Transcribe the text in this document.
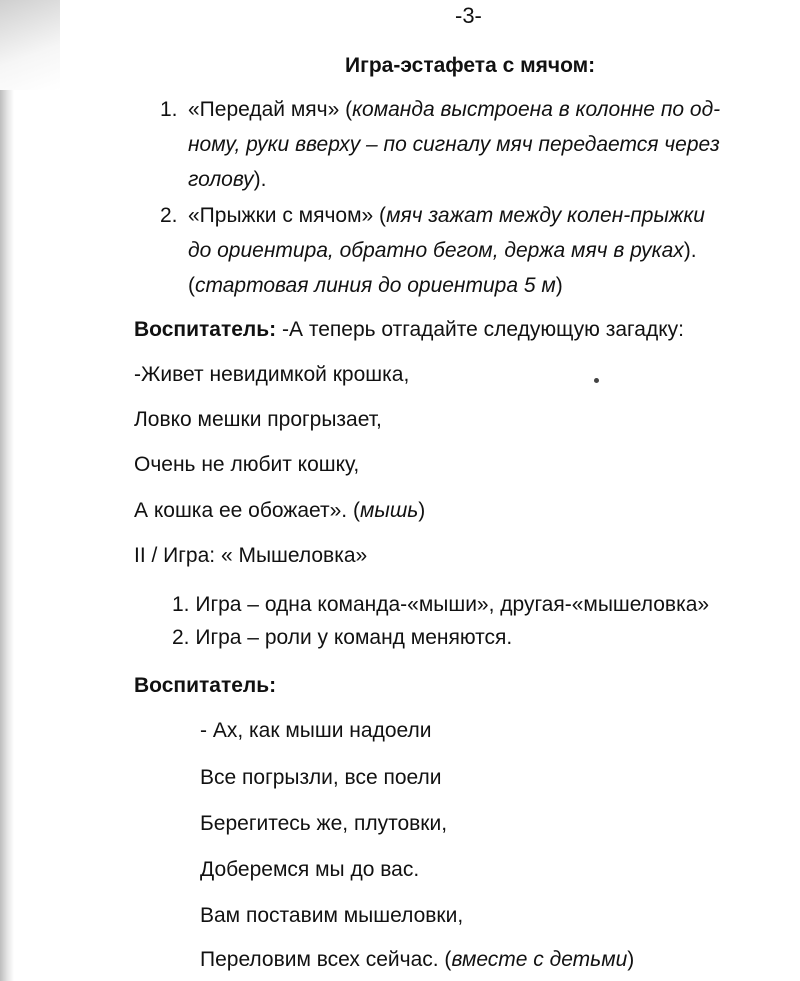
-3-
Игра-эстафета с мячом:
1. «Передай мяч» (команда выстроена в колонне по од-
ному, руки вверху – по сигналу мяч передается через
голову).
2. «Прыжки с мячом» (мяч зажат между колен-прыжки
до ориентира, обратно бегом, держа мяч в руках).
(стартовая линия до ориентира 5 м)
Воспитатель: -А теперь отгадайте следующую загадку:
-Живет невидимкой крошка,
Ловко мешки прогрызает,
Очень не любит кошку,
А кошка ее обожает». (мышь)
II / Игра: « Мышеловка»
1. Игра – одна команда-«мыши», другая-«мышеловка»
2. Игра – роли у команд меняются.
Воспитатель:
- Ах, как мыши надоели
Все погрызли, все поели
Берегитесь же, плутовки,
Доберемся мы до вас.
Вам поставим мышеловки,
Переловим всех сейчас. (вместе с детьми)
